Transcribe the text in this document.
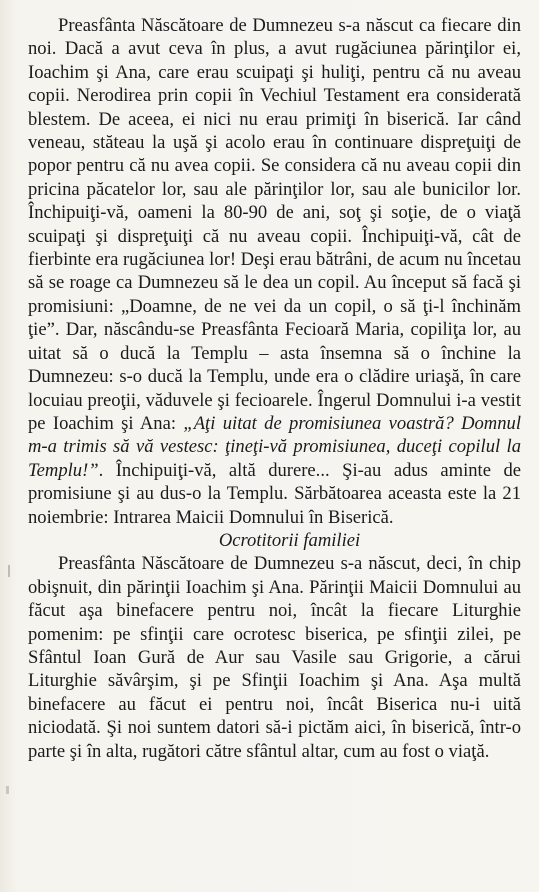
Preasfânta Născătoare de Dumnezeu s-a născut ca fiecare din noi. Dacă a avut ceva în plus, a avut rugăciunea părinţilor ei, Ioachim şi Ana, care erau scuipaţi şi huliţi, pentru că nu aveau copii. Nerodirea prin copii în Vechiul Testament era considerată blestem. De aceea, ei nici nu erau primiţi în biserică. Iar când veneau, stăteau la uşă şi acolo erau în continuare dispreţuiţi de popor pentru că nu avea copii. Se considera că nu aveau copii din pricina păcatelor lor, sau ale părinţilor lor, sau ale bunicilor lor. Închipuiţi-vă, oameni la 80-90 de ani, soţ şi soţie, de o viaţă scuipaţi şi dispreţuiţi că nu aveau copii. Închipuiţi-vă, cât de fierbinte era rugăciunea lor! Deşi erau bătrâni, de acum nu încetau să se roage ca Dumnezeu să le dea un copil. Au început să facă şi promisiuni: „Doamne, de ne vei da un copil, o să ţi-l închinăm ţie”. Dar, născându-se Preasfânta Fecioară Maria, copiliţa lor, au uitat să o ducă la Templu – asta însemna să o închine la Dumnezeu: s-o ducă la Templu, unde era o clădire uriaşă, în care locuiau preoţii, văduvele şi fecioarele. Îngerul Domnului i-a vestit pe Ioachim şi Ana: „Aţi uitat de promisiunea voastră? Domnul m-a trimis să vă vestesc: ţineţi-vă promisiunea, duceţi copilul la Templu!”. Închipuiţi-vă, altă durere... Şi-au adus aminte de promisiune şi au dus-o la Templu. Sărbătoarea aceasta este la 21 noiembrie: Intrarea Maicii Domnului în Biserică.

Ocrotitorii familiei

Preasfânta Născătoare de Dumnezeu s-a născut, deci, în chip obişnuit, din părinţii Ioachim şi Ana. Părinţii Maicii Domnului au făcut aşa binefacere pentru noi, încât la fiecare Liturghie pomenim: pe sfinţii care ocrotesc biserica, pe sfinţii zilei, pe Sfântul Ioan Gură de Aur sau Vasile sau Grigorie, a cărui Liturghie săvârşim, şi pe Sfinţii Ioachim şi Ana. Aşa multă binefacere au făcut ei pentru noi, încât Biserica nu-i uită niciodată. Şi noi suntem datori să-i pictăm aici, în biserică, într-o parte şi în alta, rugători către sfântul altar, cum au fost o viaţă.
